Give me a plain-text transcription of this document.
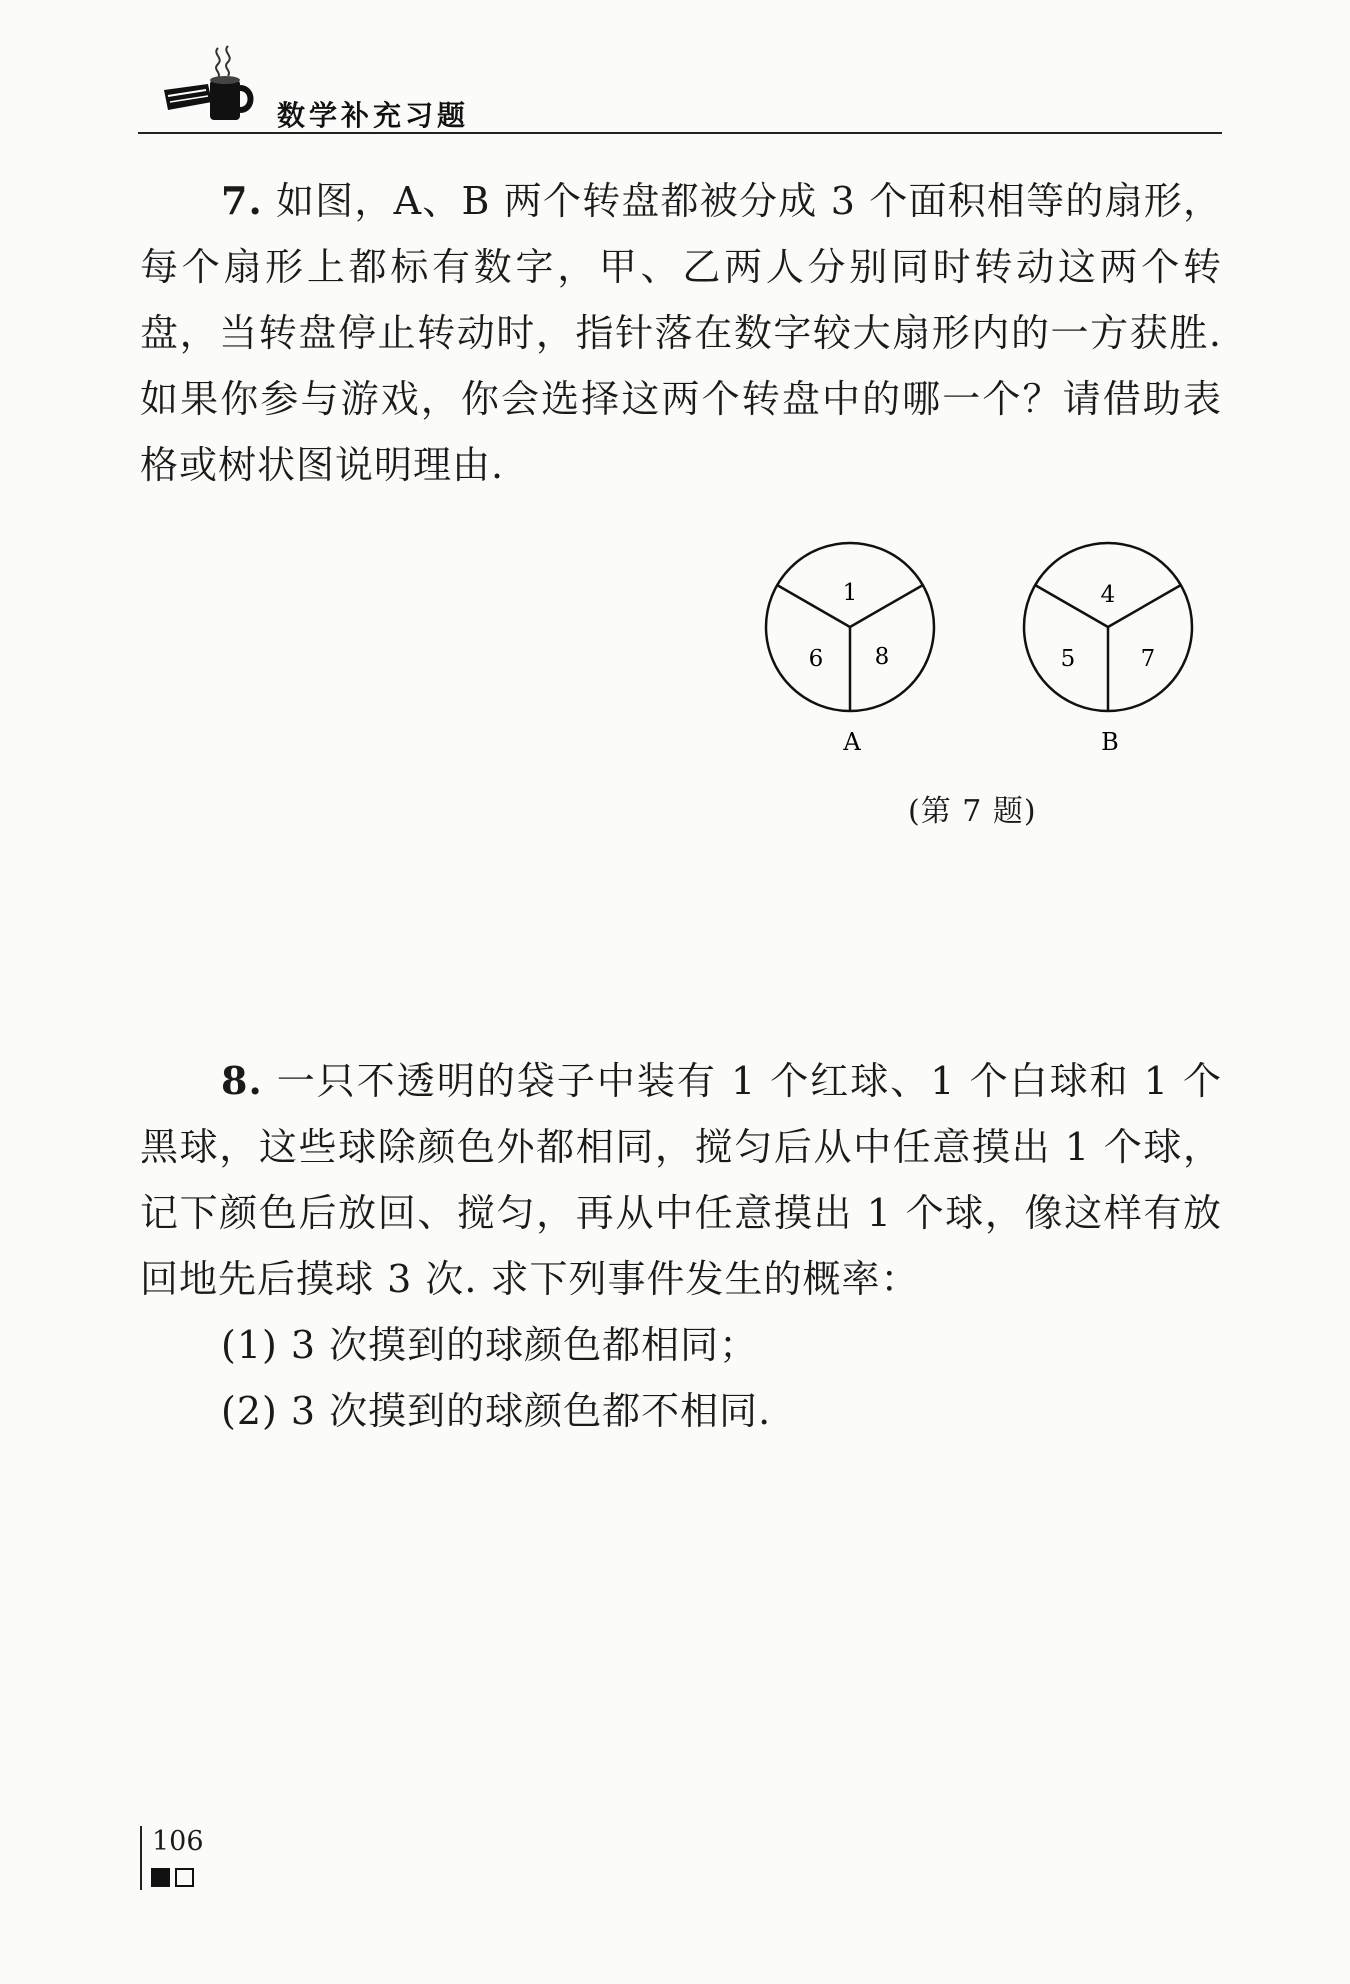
数学补充习题

7. 如图，A、B 两个转盘都被分成 3 个面积相等的扇形，每个扇形上都标有数字，甲、乙两人分别同时转动这两个转盘，当转盘停止转动时，指针落在数字较大扇形内的一方获胜. 如果你参与游戏，你会选择这两个转盘中的哪一个？请借助表格或树状图说明理由.

1
6 8
A
4
5	7
B
(第 7 题)

8. 一只不透明的袋子中装有 1 个红球、1 个白球和 1 个黑球，这些球除颜色外都相同，搅匀后从中任意摸出 1 个球，记下颜色后放回、搅匀，再从中任意摸出 1 个球，像这样有放回地先后摸球 3 次. 求下列事件发生的概率：

(1) 3 次摸到的球颜色都相同；
(2) 3 次摸到的球颜色都不相同.
106
